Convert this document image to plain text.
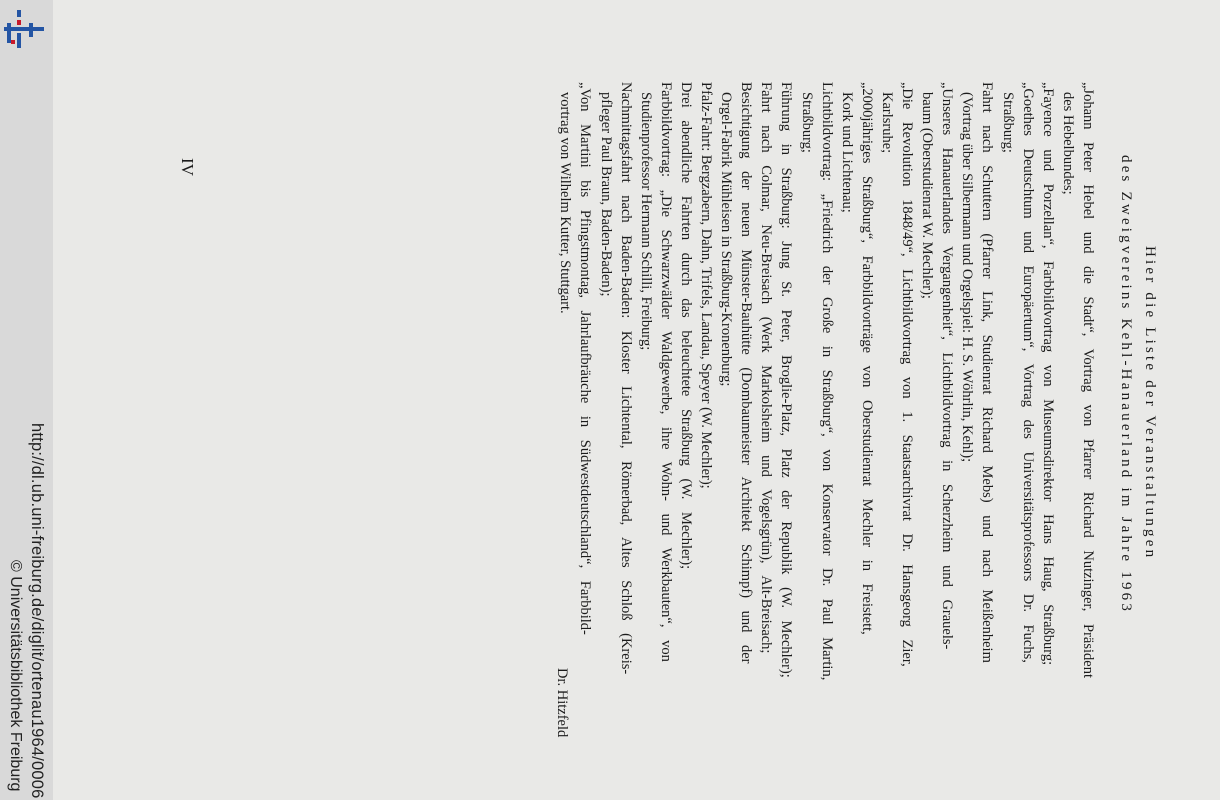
http://dl.ub.uni-freiburg.de/diglit/ortenau1964/0006
© Universitätsbibliothek Freiburg
Hier die Liste der Veranstaltungen
des Zweigvereins Kehl-Hanauerland im Jahre 1963
„Johann Peter Hebel und die Stadt“, Vortrag von Pfarrer Richard Nutzinger, Präsident
des Hebelbundes;
„Fayence und Porzellan“, Farbbildvortrag von Museumsdirektor Hans Haug, Straßburg;
„Goethes Deutschtum und Europäertum“, Vortrag des Universitätsprofessors Dr. Fuchs,
Straßburg;
Fahrt nach Schuttern (Pfarrer Link, Studienrat Richard Mebs) und nach Meißenheim
(Vortrag über Silbermann und Orgelspiel: H. S. Wöhrlin, Kehl);
„Unseres Hanauerlandes Vergangenheit“, Lichtbildvortrag in Scherzheim und Grauels-
baum (Oberstudienrat W. Mechler);
„Die Revolution 1848/49“, Lichtbildvortrag von 1. Staatsarchivrat Dr. Hansgeorg Zier,
Karlsruhe;
„2000jähriges Straßburg“, Farbbildvorträge von Oberstudienrat Mechler in Freistett,
Kork und Lichtenau;
Lichtbildvortrag: „Friedrich der Große in Straßburg“, von Konservator Dr. Paul Martin,
Straßburg;
Führung in Straßburg: Jung St. Peter, Broglie-Platz, Platz der Republik (W. Mechler);
Fahrt nach Colmar, Neu-Breisach (Werk Markolsheim und Vogelsgrün), Alt-Breisach;
Besichtigung der neuen Münster-Bauhütte (Dombaumeister Architekt Schimpf) und der
Orgel-Fabrik Mühleisen in Straßburg-Kronenburg;
Pfalz-Fahrt: Bergzabern, Dahn, Trifels, Landau, Speyer (W. Mechler);
Drei abendliche Fahrten durch das beleuchtete Straßburg (W. Mechler);
Farbbildvortrag: „Die Schwarzwälder Waldgewerbe, ihre Wohn- und Werkbauten“, von
Studienprofessor Hermann Schilli, Freiburg;
Nachmittagsfahrt nach Baden-Baden: Kloster Lichtental, Römerbad, Altes Schloß (Kreis-
pfleger Paul Braun, Baden-Baden);
„Von Martini bis Pfingstmontag, Jahrlaufbräuche in Südwestdeutschland“, Farbbild-
vortrag von Wilhelm Kutter, Stuttgart.
Dr. Hitzfeld
IV
